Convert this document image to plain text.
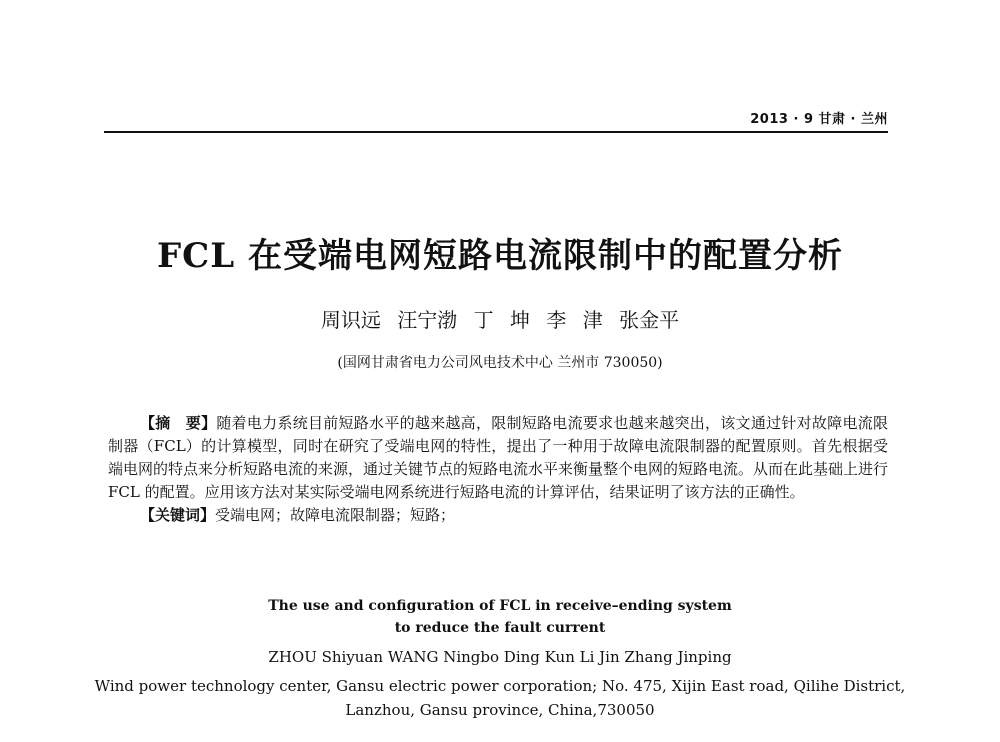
2013 · 9 甘肃 · 兰州
FCL 在受端电网短路电流限制中的配置分析
周识远 汪宁渤 丁 坤 李 津 张金平
(国网甘肃省电力公司风电技术中心 兰州市 730050)

【摘　要】随着电力系统目前短路水平的越来越高，限制短路电流要求也越来越突出，该文通过针对故障电流限制器（FCL）的计算模型，同时在研究了受端电网的特性，提出了一种用于故障电流限制器的配置原则。首先根据受端电网的特点来分析短路电流的来源，通过关键节点的短路电流水平来衡量整个电网的短路电流。从而在此基础上进行 FCL 的配置。应用该方法对某实际受端电网系统进行短路电流的计算评估，结果证明了该方法的正确性。

【关键词】受端电网；故障电流限制器；短路；
The use and configuration of FCL in receive–ending system
to reduce the fault current
ZHOU Shiyuan WANG Ningbo Ding Kun Li Jin Zhang Jinping
Wind power technology center, Gansu electric power corporation; No. 475, Xijin East road, Qilihe District,
Lanzhou, Gansu province, China,730050
